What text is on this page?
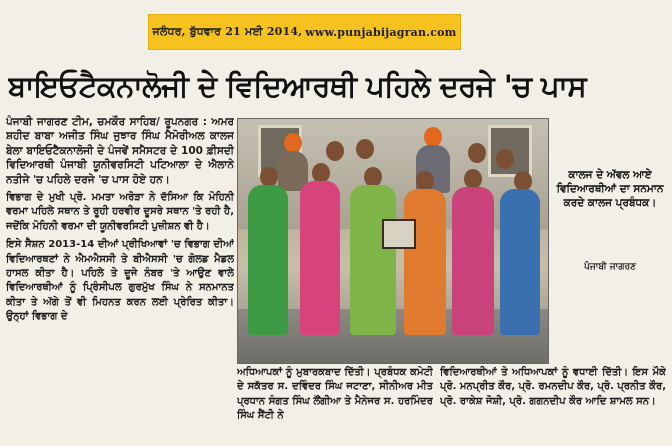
ਜਲੰਧਰ, ਬੁੱਧਵਾਰ 21 ਮਈ 2014, www.punjabijagran.com
ਬਾਇਓਟੈਕਨਾਲੋਜੀ ਦੇ ਵਿਦਿਆਰਥੀ ਪਹਿਲੇ ਦਰਜੇ 'ਚ ਪਾਸ

ਪੰਜਾਬੀ ਜਾਗਰਣ ਟੀਮ, ਚਮਕੌਰ ਸਾਹਿਬ/ ਰੂਪਨਗਰ : ਅਮਰ ਸ਼ਹੀਦ ਬਾਬਾ ਅਜੀਤ ਸਿੰਘ ਜੁਝਾਰ ਸਿੰਘ ਮੈਮੋਰੀਅਲ ਕਾਲਜ ਬੇਲਾ ਬਾਇਓਟੈਕਨਾਲੋਜੀ ਦੇ ਪੰਜਵੇਂ ਸਮੈਸਟਰ ਦੇ 100 ਫ਼ੀਸਦੀ ਵਿਦਿਆਰਥੀ ਪੰਜਾਬੀ ਯੂਨੀਵਰਸਿਟੀ ਪਟਿਆਲਾ ਦੇ ਐਲਾਨੇ ਨਤੀਜੇ 'ਚ ਪਹਿਲੇ ਦਰਜੇ 'ਚ ਪਾਸ ਹੋਏ ਹਨ।

ਵਿਭਾਗ ਦੇ ਮੁਖੀ ਪ੍ਰੋ. ਮਮਤਾ ਅਰੋੜਾ ਨੇ ਦੱਸਿਆ ਕਿ ਮੋਹਿਨੀ ਵਰਮਾ ਪਹਿਲੇ ਸਥਾਨ ਤੇ ਰੂਹੀ ਹਰਵੀਰ ਦੂਸਰੇ ਸਥਾਨ 'ਤੇ ਰਹੀ ਹੈ, ਜਦੋਂਕਿ ਮੋਹਿਨੀ ਵਰਮਾ ਦੀ ਯੂਨੀਵਰਸਿਟੀ ਪੁਜ਼ੀਸ਼ਨ ਵੀ ਹੈ।

ਇਸੇ ਸੈਸ਼ਨ 2013-14 ਦੀਆਂ ਪ੍ਰੀਖਿਆਵਾਂ 'ਚ ਵਿਭਾਗ ਦੀਆਂ ਵਿਦਿਆਰਥਣਾਂ ਨੇ ਐਮਐਸਸੀ ਤੇ ਬੀਐਸਸੀ 'ਚ ਗੋਲਡ ਮੈਡਲ ਹਾਸਲ ਕੀਤਾ ਹੈ। ਪਹਿਲੇ ਤੇ ਦੂਜੇ ਨੰਬਰ 'ਤੇ ਆਉਣ ਵਾਲੇ ਵਿਦਿਆਰਥੀਆਂ ਨੂੰ ਪ੍ਰਿੰਸੀਪਲ ਗੁਰਮੁੱਖ ਸਿੰਘ ਨੇ ਸਨਮਾਨਤ ਕੀਤਾ ਤੇ ਅੱਗੇ ਤੋਂ ਵੀ ਮਿਹਨਤ ਕਰਨ ਲਈ ਪ੍ਰੇਰਿਤ ਕੀਤਾ। ਉਨ੍ਹਾਂ ਵਿਭਾਗ ਦੇ

ਕਾਲਜ ਦੇ ਅੱਵਲ ਆਏ ਵਿਦਿਆਰਥੀਆਂ ਦਾ ਸਨਮਾਨ ਕਰਦੇ ਕਾਲਜ ਪ੍ਰਬੰਧਕ।
ਪੰਜਾਬੀ ਜਾਗਰਣ
ਅਧਿਆਪਕਾਂ ਨੂੰ ਮੁਬਾਰਕਬਾਦ ਦਿੱਤੀ। ਪ੍ਰਬੰਧਕ ਕਮੇਟੀ ਦੇ ਸਕੱਤਰ ਸ. ਦਵਿੰਦਰ ਸਿੰਘ ਜਟਾਣਾ, ਸੀਨੀਅਰ ਮੀਤ ਪ੍ਰਧਾਨ ਸੰਗਤ ਸਿੰਘ ਲੌਂਗੀਆ ਤੇ ਮੈਨੇਜਰ ਸ. ਹਰਮਿੰਦਰ ਸਿੰਘ ਸੈਂਟੀ ਨੇ
ਵਿਦਿਆਰਥੀਆਂ ਤੇ ਅਧਿਆਪਕਾਂ ਨੂੰ ਵਧਾਈ ਦਿੱਤੀ। ਇਸ ਮੌਕੇ ਪ੍ਰੋ. ਮਨਪ੍ਰੀਤ ਕੌਰ, ਪ੍ਰੋ. ਰਮਨਦੀਪ ਕੌਰ, ਪ੍ਰੋ. ਪ੍ਰਨੀਤ ਕੌਰ, ਪ੍ਰੋ. ਰਾਕੇਸ਼ ਜੋਸ਼ੀ, ਪ੍ਰੋ. ਗਗਨਦੀਪ ਕੌਰ ਆਦਿ ਸ਼ਾਮਲ ਸਨ।
